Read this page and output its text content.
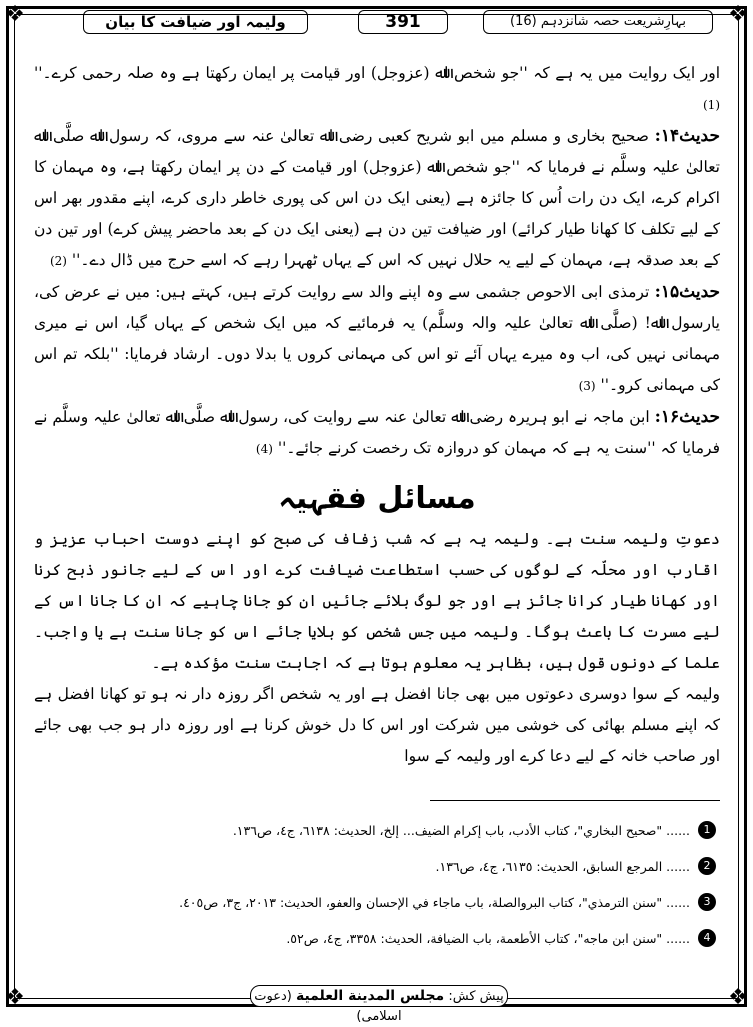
❖	❖
❖	❖
ولیمہ اور ضیافت کا بیان	391	بہارِشریعت حصہ شانزدہم (16)

اور ایک روایت میں یہ ہے کہ ''جو شخص اﷲ (عزوجل) اور قیامت پر ایمان رکھتا ہے وہ صلہ رحمی کرے۔'' (1)

حدیث۱۴: صحیح بخاری و مسلم میں ابو شریح کعبی رضی اﷲ تعالیٰ عنہ سے مروی، کہ رسول اﷲ صلَّی اﷲ تعالیٰ علیہ وسلَّم نے فرمایا کہ ''جو شخص اﷲ (عزوجل) اور قیامت کے دن پر ایمان رکھتا ہے، وہ مہمان کا اکرام کرے، ایک دن رات اُس کا جائزہ ہے (یعنی ایک دن اس کی پوری خاطر داری کرے، اپنے مقدور بھر اس کے لیے تکلف کا کھانا طیار کرائے) اور ضیافت تین دن ہے (یعنی ایک دن کے بعد ماحضر پیش کرے) اور تین دن کے بعد صدقہ ہے، مہمان کے لیے یہ حلال نہیں کہ اس کے یہاں ٹھہرا رہے کہ اسے حرج میں ڈال دے۔'' (2)

حدیث۱۵: ترمذی ابی الاحوص جشمی سے وہ اپنے والد سے روایت کرتے ہیں، کہتے ہیں: میں نے عرض کی، یارسول اﷲ! (صلَّی اﷲ تعالیٰ علیہ والہ وسلَّم) یہ فرمائیے کہ میں ایک شخص کے یہاں گیا، اس نے میری مہمانی نہیں کی، اب وہ میرے یہاں آئے تو اس کی مہمانی کروں یا بدلا دوں۔ ارشاد فرمایا: ''بلکہ تم اس کی مہمانی کرو۔'' (3)

حدیث۱۶: ابن ماجہ نے ابو ہریرہ رضی اﷲ تعالیٰ عنہ سے روایت کی، رسول اﷲ صلَّی اﷲ تعالیٰ علیہ وسلَّم نے فرمایا کہ ''سنت یہ ہے کہ مہمان کو دروازہ تک رخصت کرنے جائے۔'' (4)

مسائل فقہیہ

دعوتِ ولیمہ سنت ہے۔ ولیمہ یہ ہے کہ شب زفاف کی صبح کو اپنے دوست احباب عزیز و اقارب اور محلّہ کے لوگوں کی حسب استطاعت ضیافت کرے اور اس کے لیے جانور ذبح کرنا اور کھانا طیار کرانا جائز ہے اور جو لوگ بلائے جائیں ان کو جانا چاہیے کہ ان کا جانا اس کے لیے مسرت کا باعث ہوگا۔ ولیمہ میں جس شخص کو بلایا جائے اس کو جانا سنت ہے یا واجب۔ علما کے دونوں قول ہیں، بظاہر یہ معلوم ہوتا ہے کہ اجابت سنت مؤکدہ ہے۔

ولیمہ کے سوا دوسری دعوتوں میں بھی جانا افضل ہے اور یہ شخص اگر روزہ دار نہ ہو تو کھانا افضل ہے کہ اپنے مسلم بھائی کی خوشی میں شرکت اور اس کا دل خوش کرنا ہے اور روزہ دار ہو جب بھی جائے اور صاحب خانہ کے لیے دعا کرے اور ولیمہ کے سوا

1
...... "صحيح البخاري"، كتاب الأدب، باب إكرام الضيف... إلخ، الحديث: ٦١٣٨، ج٤، ص١٣٦.
2
...... المرجع السابق، الحديث: ٦١٣٥، ج٤، ص١٣٦.
3
...... "سنن الترمذي"، كتاب البروالصلة، باب ماجاء في الإحسان والعفو، الحديث: ٢٠١٣، ج٣، ص٤٠٥.
4
...... "سنن ابن ماجه"، كتاب الأطعمة، باب الضيافة، الحديث: ٣٣٥٨، ج٤، ص٥٢.
پیش کش: مجلس المدينة العلمية (دعوت اسلامی)
